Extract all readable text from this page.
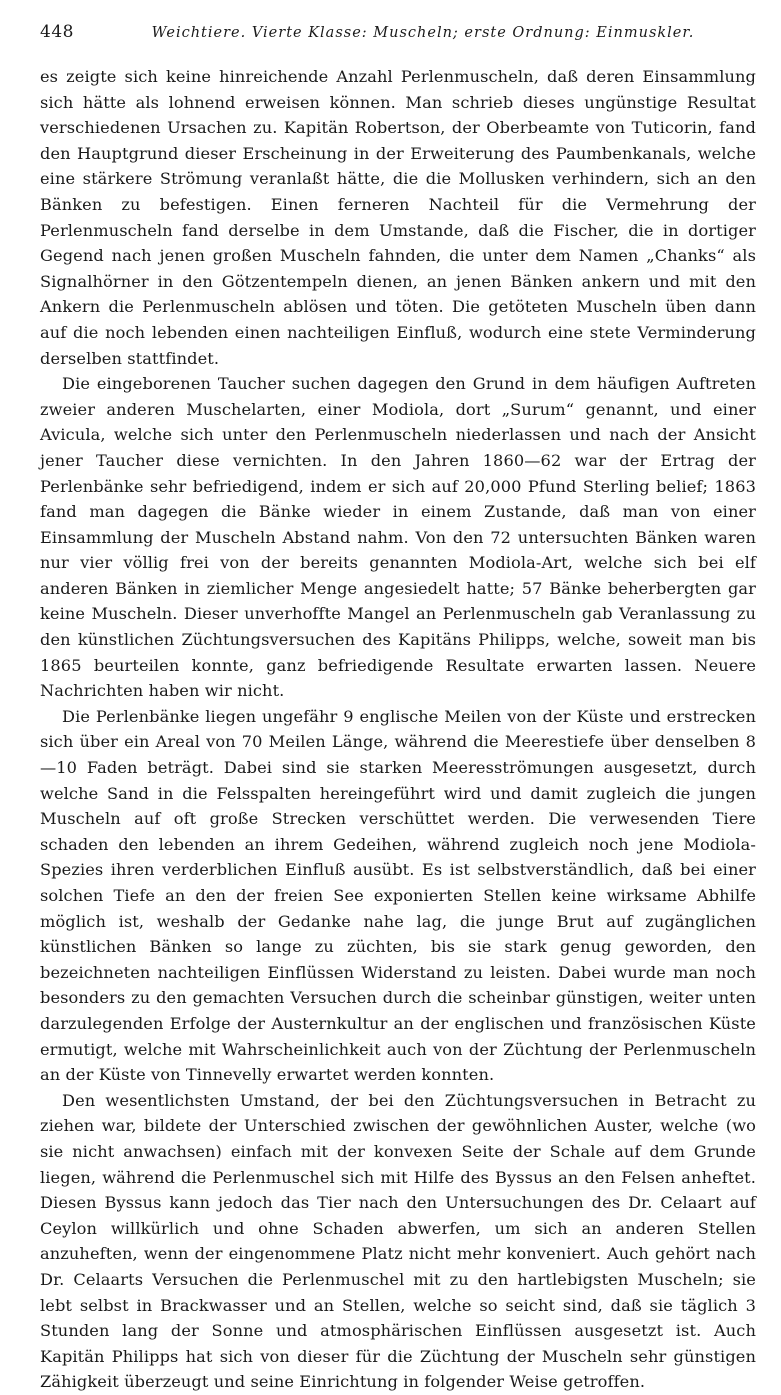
448	Weichtiere. Vierte Klasse: Muscheln; erste Ordnung: Einmuskler.

es zeigte sich keine hinreichende Anzahl Perlenmuscheln, daß deren Einsammlung sich hätte als lohnend erweisen können. Man schrieb dieses ungünstige Resultat verschiedenen Ursachen zu. Kapitän Robertson, der Oberbeamte von Tuticorin, fand den Hauptgrund dieser Erscheinung in der Erweiterung des Paumbenkanals, welche eine stärkere Strömung veranlaßt hätte, die die Mollusken verhindern, sich an den Bänken zu befestigen. Einen ferneren Nachteil für die Vermehrung der Perlenmuscheln fand derselbe in dem Umstande, daß die Fischer, die in dortiger Gegend nach jenen großen Muscheln fahnden, die unter dem Namen „Chanks“ als Signalhörner in den Götzentempeln dienen, an jenen Bänken ankern und mit den Ankern die Perlenmuscheln ablösen und töten. Die getöteten Muscheln üben dann auf die noch lebenden einen nachteiligen Einfluß, wodurch eine stete Verminderung derselben stattfindet.

Die eingeborenen Taucher suchen dagegen den Grund in dem häufigen Auftreten zweier anderen Muschelarten, einer Modiola, dort „Surum“ genannt, und einer Avicula, welche sich unter den Perlenmuscheln niederlassen und nach der Ansicht jener Taucher diese vernichten. In den Jahren 1860—62 war der Ertrag der Perlenbänke sehr befriedigend, indem er sich auf 20,000 Pfund Sterling belief; 1863 fand man dagegen die Bänke wieder in einem Zustande, daß man von einer Einsammlung der Muscheln Abstand nahm. Von den 72 untersuchten Bänken waren nur vier völlig frei von der bereits genannten Modiola-Art, welche sich bei elf anderen Bänken in ziemlicher Menge angesiedelt hatte; 57 Bänke beherbergten gar keine Muscheln. Dieser unverhoffte Mangel an Perlenmuscheln gab Veranlassung zu den künstlichen Züchtungsversuchen des Kapitäns Philipps, welche, soweit man bis 1865 beurteilen konnte, ganz befriedigende Resultate erwarten lassen. Neuere Nachrichten haben wir nicht.

Die Perlenbänke liegen ungefähr 9 englische Meilen von der Küste und erstrecken sich über ein Areal von 70 Meilen Länge, während die Meerestiefe über denselben 8—10 Faden beträgt. Dabei sind sie starken Meeresströmungen ausgesetzt, durch welche Sand in die Felsspalten hereingeführt wird und damit zugleich die jungen Muscheln auf oft große Strecken verschüttet werden. Die verwesenden Tiere schaden den lebenden an ihrem Gedeihen, während zugleich noch jene Modiola-Spezies ihren verderblichen Einfluß ausübt. Es ist selbstverständlich, daß bei einer solchen Tiefe an den der freien See exponierten Stellen keine wirksame Abhilfe möglich ist, weshalb der Gedanke nahe lag, die junge Brut auf zugänglichen künstlichen Bänken so lange zu züchten, bis sie stark genug geworden, den bezeichneten nachteiligen Einflüssen Widerstand zu leisten. Dabei wurde man noch besonders zu den gemachten Versuchen durch die scheinbar günstigen, weiter unten darzulegenden Erfolge der Austernkultur an der englischen und französischen Küste ermutigt, welche mit Wahrscheinlichkeit auch von der Züchtung der Perlenmuscheln an der Küste von Tinnevelly erwartet werden konnten.

Den wesentlichsten Umstand, der bei den Züchtungsversuchen in Betracht zu ziehen war, bildete der Unterschied zwischen der gewöhnlichen Auster, welche (wo sie nicht anwachsen) einfach mit der konvexen Seite der Schale auf dem Grunde liegen, während die Perlenmuschel sich mit Hilfe des Byssus an den Felsen anheftet. Diesen Byssus kann jedoch das Tier nach den Untersuchungen des Dr. Celaart auf Ceylon willkürlich und ohne Schaden abwerfen, um sich an anderen Stellen anzuheften, wenn der eingenommene Platz nicht mehr konveniert. Auch gehört nach Dr. Celaarts Versuchen die Perlenmuschel mit zu den hartlebigsten Muscheln; sie lebt selbst in Brackwasser und an Stellen, welche so seicht sind, daß sie täglich 3 Stunden lang der Sonne und atmosphärischen Einflüssen ausgesetzt ist. Auch Kapitän Philipps hat sich von dieser für die Züchtung der Muscheln sehr günstigen Zähigkeit überzeugt und seine Einrichtung in folgender Weise getroffen.
